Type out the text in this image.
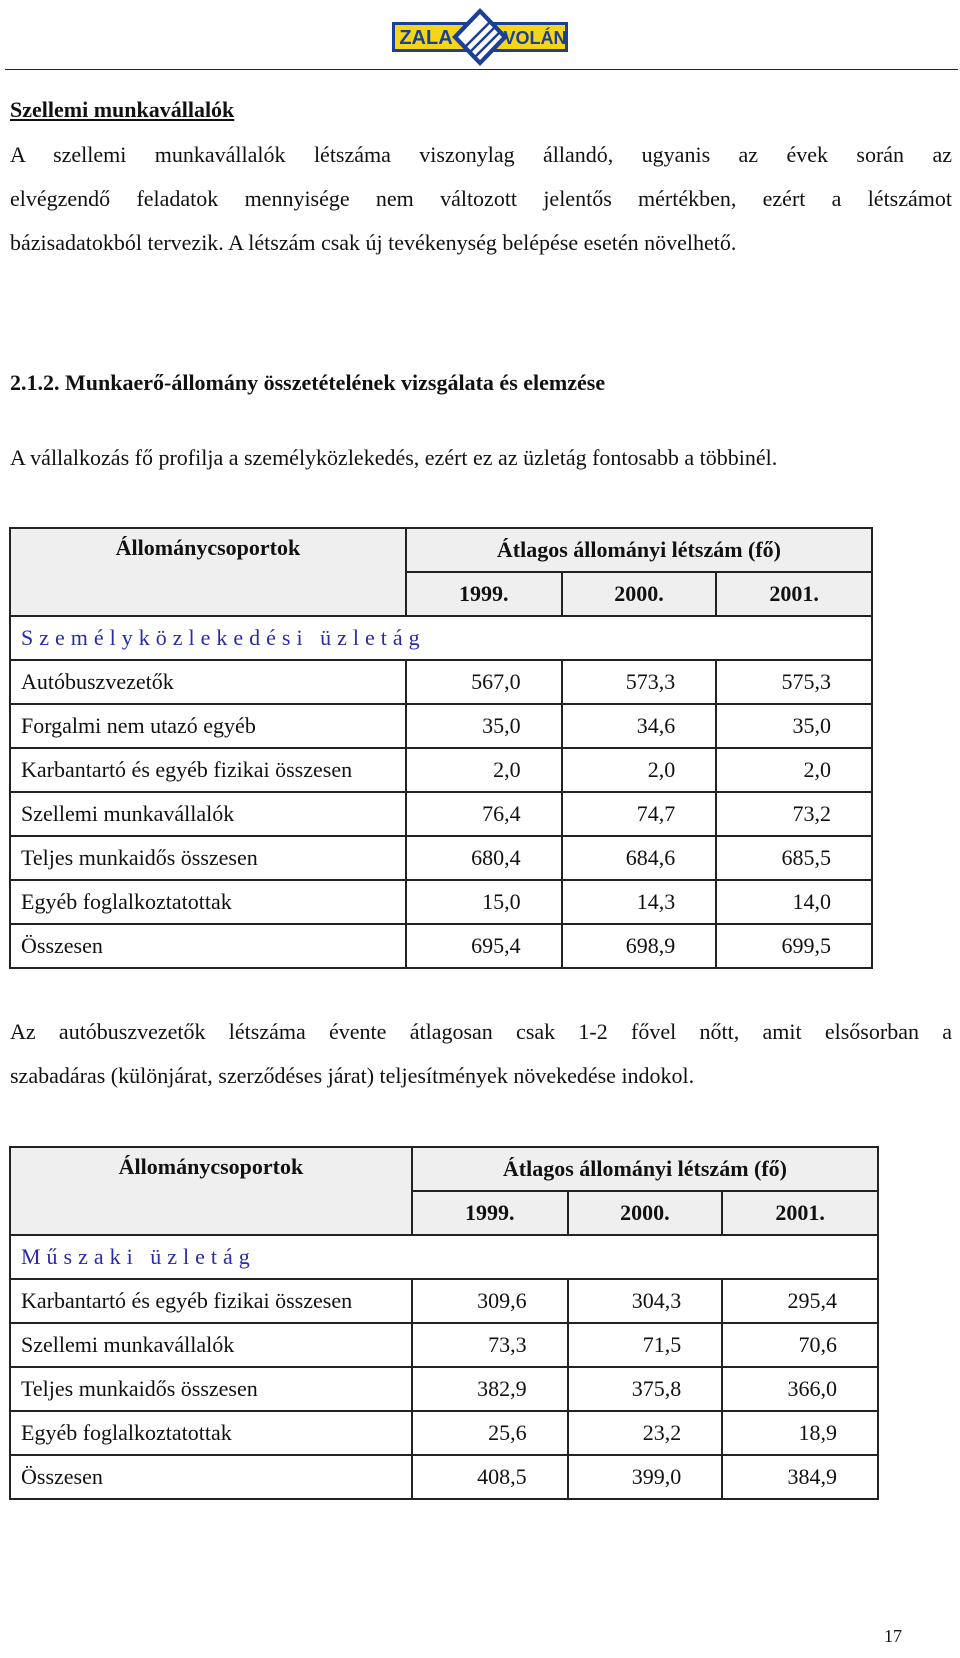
ZALA	VOLÁN
Szellemi munkavállalók
A szellemi munkavállalók létszáma viszonylag állandó, ugyanis az évek során az
elvégzendő feladatok mennyisége nem változott jelentős mértékben, ezért a létszámot
bázisadatokból tervezik. A létszám csak új tevékenység belépése esetén növelhető.
2.1.2. Munkaerő-állomány összetételének vizsgálata és elemzése
A vállalkozás fő profilja a személyközlekedés, ezért ez az üzletág fontosabb a többinél.
Állománycsoportok	Átlagos állományi létszám (fő)		
	1999.	2000.	2001.
Személyközlekedési üzletág			
Autóbuszvezetők	567,0	573,3	575,3
Forgalmi nem utazó egyéb	35,0	34,6	35,0
Karbantartó és egyéb fizikai összesen	2,0	2,0	2,0
Szellemi munkavállalók	76,4	74,7	73,2
Teljes munkaidős összesen	680,4	684,6	685,5
Egyéb foglalkoztatottak	15,0	14,3	14,0
Összesen	695,4	698,9	699,5
Az autóbuszvezetők létszáma évente átlagosan csak 1-2 fővel nőtt, amit elsősorban a
szabadáras (különjárat, szerződéses járat) teljesítmények növekedése indokol.
Állománycsoportok	Átlagos állományi létszám (fő)		
	1999.	2000.	2001.
Műszaki üzletág			
Karbantartó és egyéb fizikai összesen	309,6	304,3	295,4
Szellemi munkavállalók	73,3	71,5	70,6
Teljes munkaidős összesen	382,9	375,8	366,0
Egyéb foglalkoztatottak	25,6	23,2	18,9
Összesen	408,5	399,0	384,9
17
